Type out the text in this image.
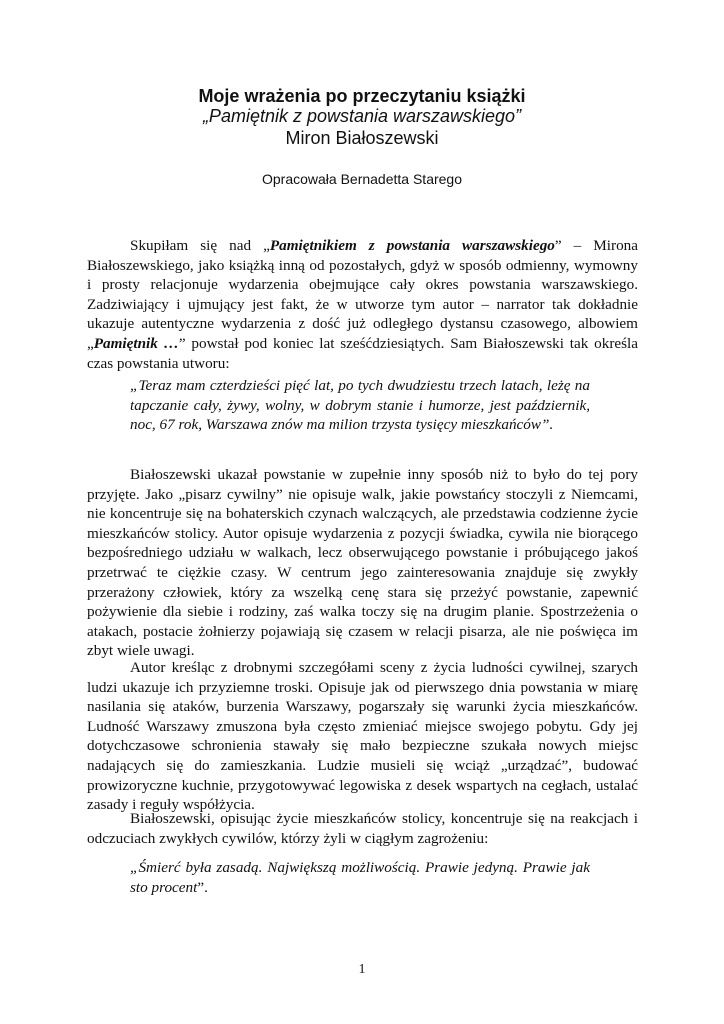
Moje wrażenia po przeczytaniu książki
„Pamiętnik z powstania warszawskiego”
Miron Białoszewski
Opracowała Bernadetta Starego

Skupiłam się nad „Pamiętnikiem z powstania warszawskiego” – Mirona Białoszewskiego, jako książką inną od pozostałych, gdyż w sposób odmienny, wymowny i prosty relacjonuje wydarzenia obejmujące cały okres powstania warszawskiego. Zadziwiający i ujmujący jest fakt, że w utworze tym autor – narrator tak dokładnie ukazuje autentyczne wydarzenia z dość już odległego dystansu czasowego, albowiem „Pamiętnik …” powstał pod koniec lat sześćdziesiątych. Sam Białoszewski tak określa czas powstania utworu:

„Teraz mam czterdzieści pięć lat, po tych dwudziestu trzech latach, leżę na tapczanie cały, żywy, wolny, w dobrym stanie i humorze, jest październik, noc, 67 rok, Warszawa znów ma milion trzysta tysięcy mieszkańców”.

Białoszewski ukazał powstanie w zupełnie inny sposób niż to było do tej pory przyjęte. Jako „pisarz cywilny” nie opisuje walk, jakie powstańcy stoczyli z Niemcami, nie koncentruje się na bohaterskich czynach walczących, ale przedstawia codzienne życie mieszkańców stolicy. Autor opisuje wydarzenia z pozycji świadka, cywila nie biorącego bezpośredniego udziału w walkach, lecz obserwującego powstanie i próbującego jakoś przetrwać te ciężkie czasy. W centrum jego zainteresowania znajduje się zwykły przerażony człowiek, który za wszelką cenę stara się przeżyć powstanie, zapewnić pożywienie dla siebie i rodziny, zaś walka toczy się na drugim planie. Spostrzeżenia o atakach, postacie żołnierzy pojawiają się czasem w relacji pisarza, ale nie poświęca im zbyt wiele uwagi.

Autor kreśląc z drobnymi szczegółami sceny z życia ludności cywilnej, szarych ludzi ukazuje ich przyziemne troski. Opisuje jak od pierwszego dnia powstania w miarę nasilania się ataków, burzenia Warszawy, pogarszały się warunki życia mieszkańców. Ludność Warszawy zmuszona była często zmieniać miejsce swojego pobytu. Gdy jej dotychczasowe schronienia stawały się mało bezpieczne szukała nowych miejsc nadających się do zamieszkania. Ludzie musieli się wciąż „urządzać”, budować prowizoryczne kuchnie, przygotowywać legowiska z desek wspartych na cegłach, ustalać zasady i reguły współżycia.

Białoszewski, opisując życie mieszkańców stolicy, koncentruje się na reakcjach i odczuciach zwykłych cywilów, którzy żyli w ciągłym zagrożeniu:

„Śmierć była zasadą. Największą możliwością. Prawie jedyną. Prawie jak sto procent”.

1
